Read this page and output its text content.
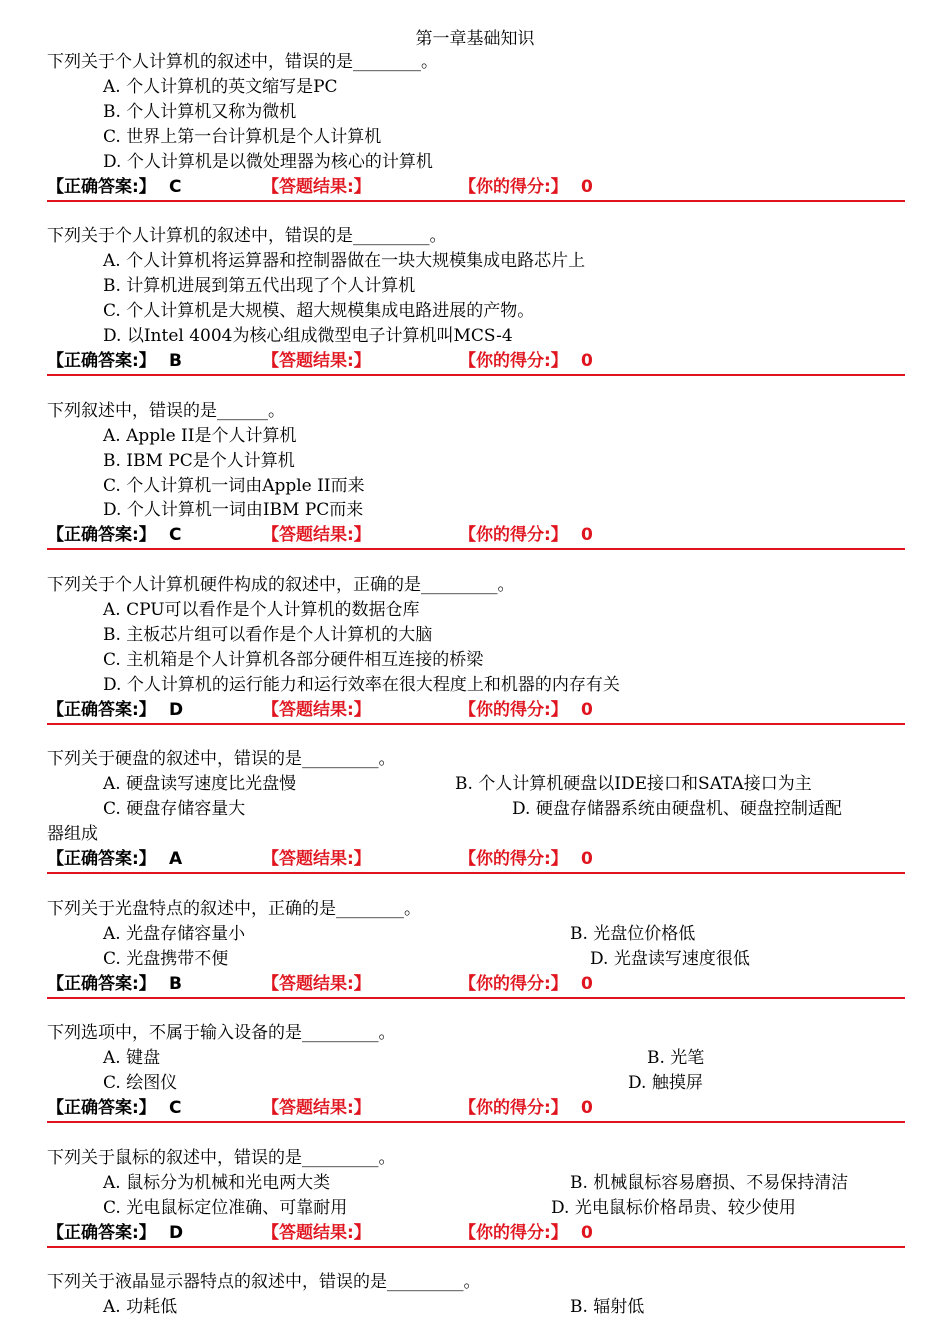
第一章基础知识
下列关于个人计算机的叙述中，错误的是________。
A. 个人计算机的英文缩写是PC
B. 个人计算机又称为微机
C. 世界上第一台计算机是个人计算机
D. 个人计算机是以微处理器为核心的计算机
【正确答案:】 C	【答题结果:】	【你的得分:】 0
下列关于个人计算机的叙述中，错误的是_________。
A. 个人计算机将运算器和控制器做在一块大规模集成电路芯片上
B. 计算机进展到第五代出现了个人计算机
C. 个人计算机是大规模、超大规模集成电路进展的产物。
D. 以Intel 4004为核心组成微型电子计算机叫MCS-4
【正确答案:】 B	【答题结果:】	【你的得分:】 0
下列叙述中，错误的是______。
A. Apple II是个人计算机
B. IBM PC是个人计算机
C. 个人计算机一词由Apple II而来
D. 个人计算机一词由IBM PC而来
【正确答案:】 C	【答题结果:】	【你的得分:】 0
下列关于个人计算机硬件构成的叙述中，正确的是_________。
A. CPU可以看作是个人计算机的数据仓库
B. 主板芯片组可以看作是个人计算机的大脑
C. 主机箱是个人计算机各部分硬件相互连接的桥梁
D. 个人计算机的运行能力和运行效率在很大程度上和机器的内存有关
【正确答案:】 D	【答题结果:】	【你的得分:】 0
下列关于硬盘的叙述中，错误的是_________。
A. 硬盘读写速度比光盘慢	B. 个人计算机硬盘以IDE接口和SATA接口为主
C. 硬盘存储容量大	D. 硬盘存储器系统由硬盘机、硬盘控制适配
器组成
【正确答案:】 A	【答题结果:】	【你的得分:】 0
下列关于光盘特点的叙述中，正确的是________。
A. 光盘存储容量小	B. 光盘位价格低
C. 光盘携带不便	D. 光盘读写速度很低
【正确答案:】 B	【答题结果:】	【你的得分:】 0
下列选项中，不属于输入设备的是_________。
A. 键盘	B. 光笔
C. 绘图仪	D. 触摸屏
【正确答案:】 C	【答题结果:】	【你的得分:】 0
下列关于鼠标的叙述中，错误的是_________。
A. 鼠标分为机械和光电两大类	B. 机械鼠标容易磨损、不易保持清洁
C. 光电鼠标定位准确、可靠耐用	D. 光电鼠标价格昂贵、较少使用
【正确答案:】 D	【答题结果:】	【你的得分:】 0
下列关于液晶显示器特点的叙述中，错误的是_________。
A. 功耗低	B. 辐射低
